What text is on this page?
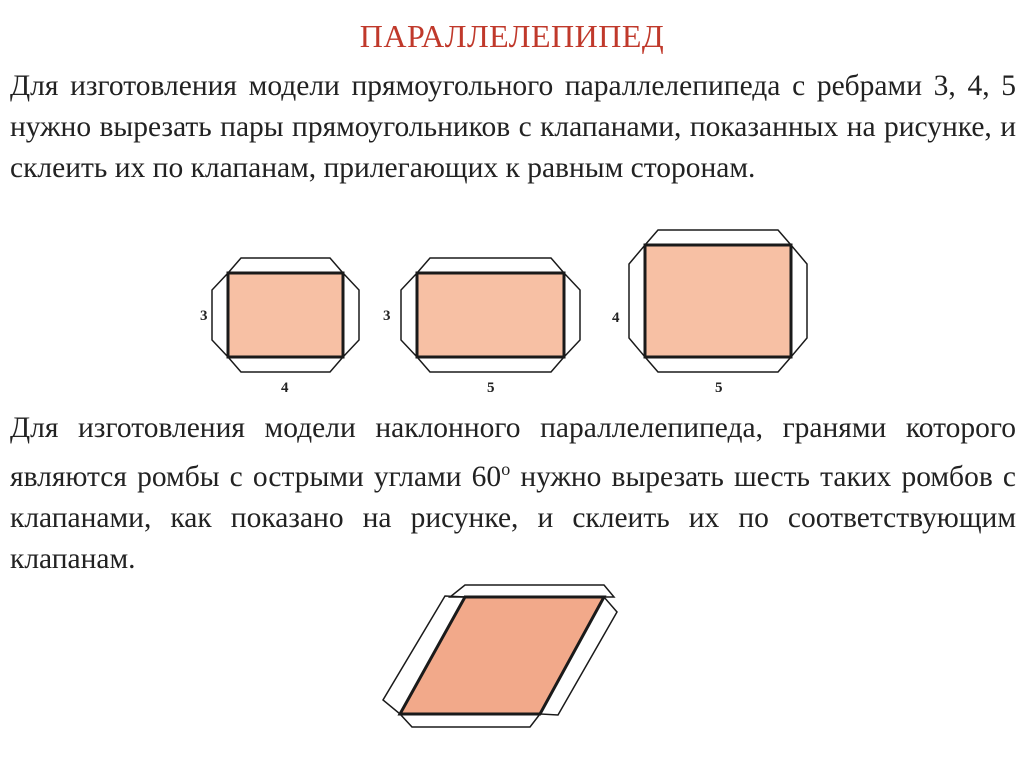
ПАРАЛЛЕЛЕПИПЕД
Для изготовления модели прямоугольного параллелепипеда с ребрами 3, 4, 5 нужно вырезать пары прямоугольников с клапанами, показанных на рисунке, и склеить их по клапанам, прилегающих к равным сторонам.
Для изготовления модели наклонного параллелепипеда, гранями которого являются ромбы с острыми углами 60$^o$ нужно вырезать шесть таких ромбов с клапанами, как показано на рисунке, и склеить их по соответствующим клапанам.
3
4
3
5
4
5
